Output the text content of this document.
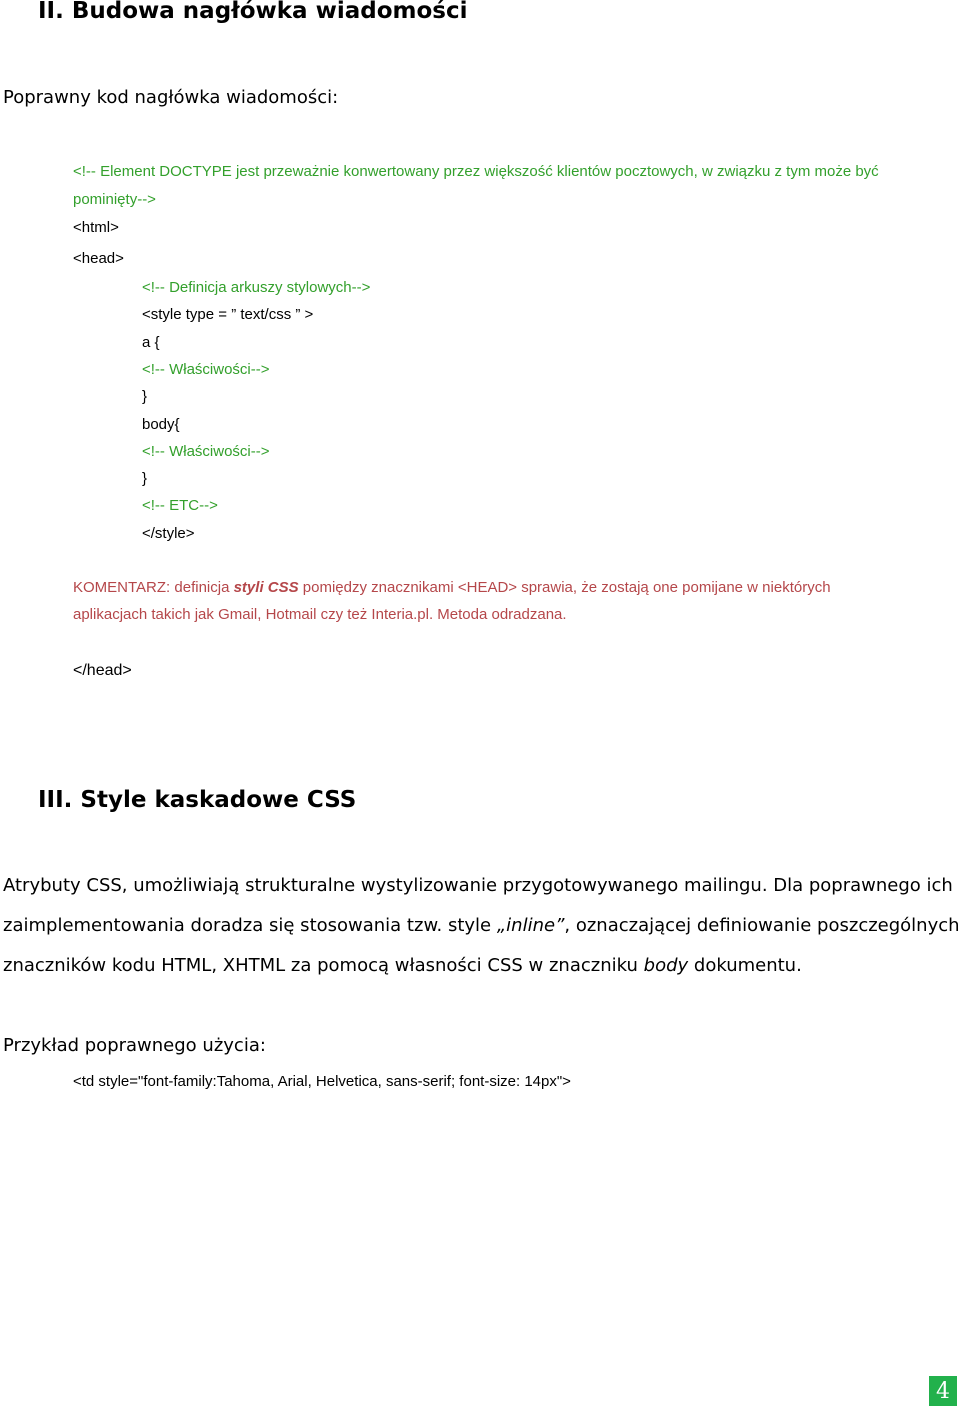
II. Budowa nagłówka wiadomości
Poprawny kod nagłówka wiadomości:
<!-- Element DOCTYPE jest przeważnie konwertowany przez większość klientów pocztowych, w związku z tym może być
pominięty-->
<html>
<head>
<!-- Definicja arkuszy stylowych-->
<style type = ” text/css ” >
a {
<!-- Właściwości-->
}
body{
<!-- Właściwości-->
}
<!-- ETC-->
</style>
KOMENTARZ: definicja styli CSS pomiędzy znacznikami <HEAD> sprawia, że zostają one pomijane w niektórych
aplikacjach takich jak Gmail, Hotmail czy też Interia.pl. Metoda odradzana.
</head>
III. Style kaskadowe CSS
Atrybuty CSS, umożliwiają strukturalne wystylizowanie przygotowywanego mailingu. Dla poprawnego ich
zaimplementowania doradza się stosowania tzw. style „inline”, oznaczającej definiowanie poszczególnych
znaczników kodu HTML, XHTML za pomocą własności CSS w znaczniku body dokumentu.
Przykład poprawnego użycia:
<td style="font-family:Tahoma, Arial, Helvetica, sans-serif; font-size: 14px">
4
